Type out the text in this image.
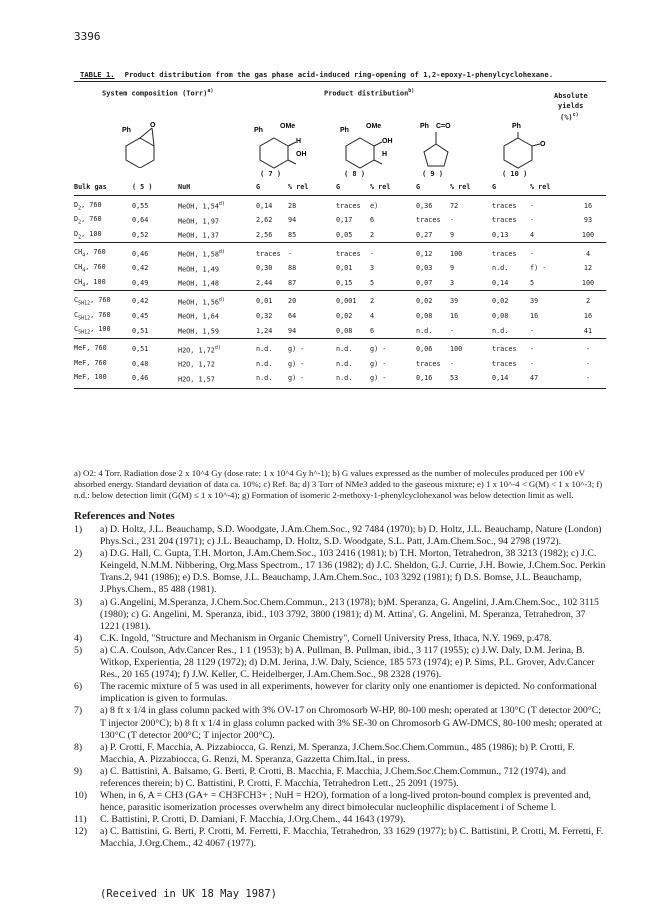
3396
TABLE 1. Product distribution from the gas phase acid-induced ring-opening of 1,2-epoxy-1-phenylcyclohexane.
System composition (Torr)$^{a)}$	Product distribution$^{b)}$
Absolute
yields
(%)$^{c)}$
Ph
O
Ph
OMe
H
OH
Ph
OMe
OH
H
Ph C=O	Ph
O
( 7 )	( 8 )	( 9 )	( 10 )
Bulk gas	( 5 )	NuH	G	% rel	G	% rel	G	% rel	G	% rel	

$D_2$, 760	0,55	MeOH, 1,54$^{d)}$	0,14	28	traces	e)	0,36	72	traces	-	16
$D_2$, 760	0,64	MeOH, 1,97	2,62	94	0,17	6	traces	-	traces	-	93
$D_2$, 100	0,52	MeOH, 1,37	2,56	85	0,05	2	0,27	9	0,13	4	100

$CH_4$, 760	0,46	MeOH, 1,58$^{d)}$	traces	-	traces	-	0,12	100	traces	-	4
$CH_4$, 760	0,42	MeOH, 1,49	0,30	88	0,01	3	0,03	9	n.d.	f) -	12
$CH_4$, 100	0,49	MeOH, 1,48	2,44	87	0,15	5	0,07	3	0,14	5	100

$C_{5H12}$, 760	0,42	MeOH, 1,56$^{d)}$	0,01	20	0,001	2	0,02	39	0,02	39	2
$C_{5H12}$, 760	0,45	MeOH, 1,64	0,32	64	0,02	4	0,08	16	0,08	16	16
$C_{5H12}$, 100	0,51	MeOH, 1,59	1,24	94	0,08	6	n.d.	-	n.d.	-	41

MeF, 760	0,51	H2O, 1,72$^{d)}$	n.d.	g) -	n.d.	g) -	0,06	100	traces	-	-
MeF, 760	0,48	H2O, 1,72	n.d.	g) -	n.d.	g) -	traces	-	traces	-	-
MeF, 100	0,46	H2O, 1,57	n.d.	g) -	n.d.	g) -	0,16	53	0,14	47	-

a) O2: 4 Torr. Radiation dose 2 x 10^4 Gy (dose rate: 1 x 10^4 Gy h^-1); b) G values expressed as the number of molecules produced per 100 eV absorbed energy. Standard deviation of data ca. 10%; c) Ref. 8a; d) 3 Torr of NMe3 added to the gaseous mixture; e) 1 x 10^-4 < G(M) < 1 x 10^-3; f) n.d.: below detection limit (G(M) ≤ 1 x 10^-4); g) Formation of isomeric 2-methoxy-1-phenylcyclohexanol was below detection limit as well.
References and Notes
1)	a) D. Holtz, J.L. Beauchamp, S.D. Woodgate, J.Am.Chem.Soc., 92 7484 (1970); b) D. Holtz, J.L. Beauchamp, Nature (London) Phys.Sci., 231 204 (1971); c) J.L. Beauchamp, D. Holtz, S.D. Woodgate, S.L. Patt, J.Am.Chem.Soc., 94 2798 (1972).
2)	a) D.G. Hall, C. Gupta, T.H. Morton, J.Am.Chem.Soc., 103 2416 (1981); b) T.H. Morton, Tetrahedron, 38 3213 (1982); c) J.C. Keingeld, N.M.M. Nibbering, Org.Mass Spectrom., 17 136 (1982); d) J.C. Sheldon, G.J. Currie, J.H. Bowie, J.Chem.Soc. Perkin Trans.2, 941 (1986); e) D.S. Bomse, J.L. Beauchamp, J.Am.Chem.Soc., 103 3292 (1981); f) D.S. Bomse, J.L. Beauchamp, J.Phys.Chem., 85 488 (1981).
3)	a) G.Angelini, M.Speranza, J.Chem.Soc.Chem.Commun., 213 (1978); b)M. Speranza, G. Angelini, J.Am.Chem.Soc., 102 3115 (1980); c) G. Angelini, M. Speranza, ibid., 103 3792, 3800 (1981); d) M. Attina', G. Angelini, M. Speranza, Tetrahedron, 37 1221 (1981).
4)	C.K. Ingold, "Structure and Mechanism in Organic Chemistry", Cornell University Press, Ithaca, N.Y. 1969, p.478.
5)	a) C.A. Coulson, Adv.Cancer Res., 1 1 (1953); b) A. Pullman, B. Pullman, ibid., 3 117 (1955); c) J.W. Daly, D.M. Jerina, B. Witkop, Experientia, 28 1129 (1972); d) D.M. Jerina, J.W. Daly, Science, 185 573 (1974); e) P. Sims, P.L. Grover, Adv.Cancer Res., 20 165 (1974); f) J.W. Keller, C. Heidelberger, J.Am.Chem.Soc., 98 2328 (1976).
6)	The racemic mixture of 5 was used in all experiments, however for clarity only one enantiomer is depicted. No conformational implication is given to formulas.
7)	a) 8 ft x 1/4 in glass column packed with 3% OV-17 on Chromosorb W-HP, 80-100 mesh; operated at 130°C (T detector 200°C; T injector 200°C); b) 8 ft x 1/4 in glass column packed with 3% SE-30 on Chromosorb G AW-DMCS, 80-100 mesh; operated at 130°C (T detector 200°C; T injector 200°C).
8)	a) P. Crotti, F. Macchia, A. Pizzabiocca, G. Renzi, M. Speranza, J.Chem.Soc.Chem.Commun., 485 (1986); b) P. Crotti, F. Macchia, A. Pizzabiocca, G. Renzi, M. Speranza, Gazzetta Chim.Ital., in press.
9)	a) C. Battistini, A. Balsamo, G. Berti, P. Crotti, B. Macchia, F. Macchia, J.Chem.Soc.Chem.Commun., 712 (1974), and references therein; b) C. Battistini, P. Crotti, F. Macchia, Tetrahedron Lett., 25 2091 (1975).
10)	When, in 6, A = CH3 (GA+ = CH3FCH3+ ; NuH = H2O), formation of a long-lived proton-bound complex is prevented and, hence, parasitic isomerization processes overwhelm any direct bimolecular nucleophilic displacement i of Scheme I.
11)	C. Battistini, P. Crotti, D. Damiani, F. Macchia, J.Org.Chem., 44 1643 (1979).
12)	a) C. Battistini, G. Berti, P. Crotti, M. Ferretti, F. Macchia, Tetrahedron, 33 1629 (1977); b) C. Battistini, P. Crotti, M. Ferretti, F. Macchia, J.Org.Chem., 42 4067 (1977).
(Received in UK 18 May 1987)
